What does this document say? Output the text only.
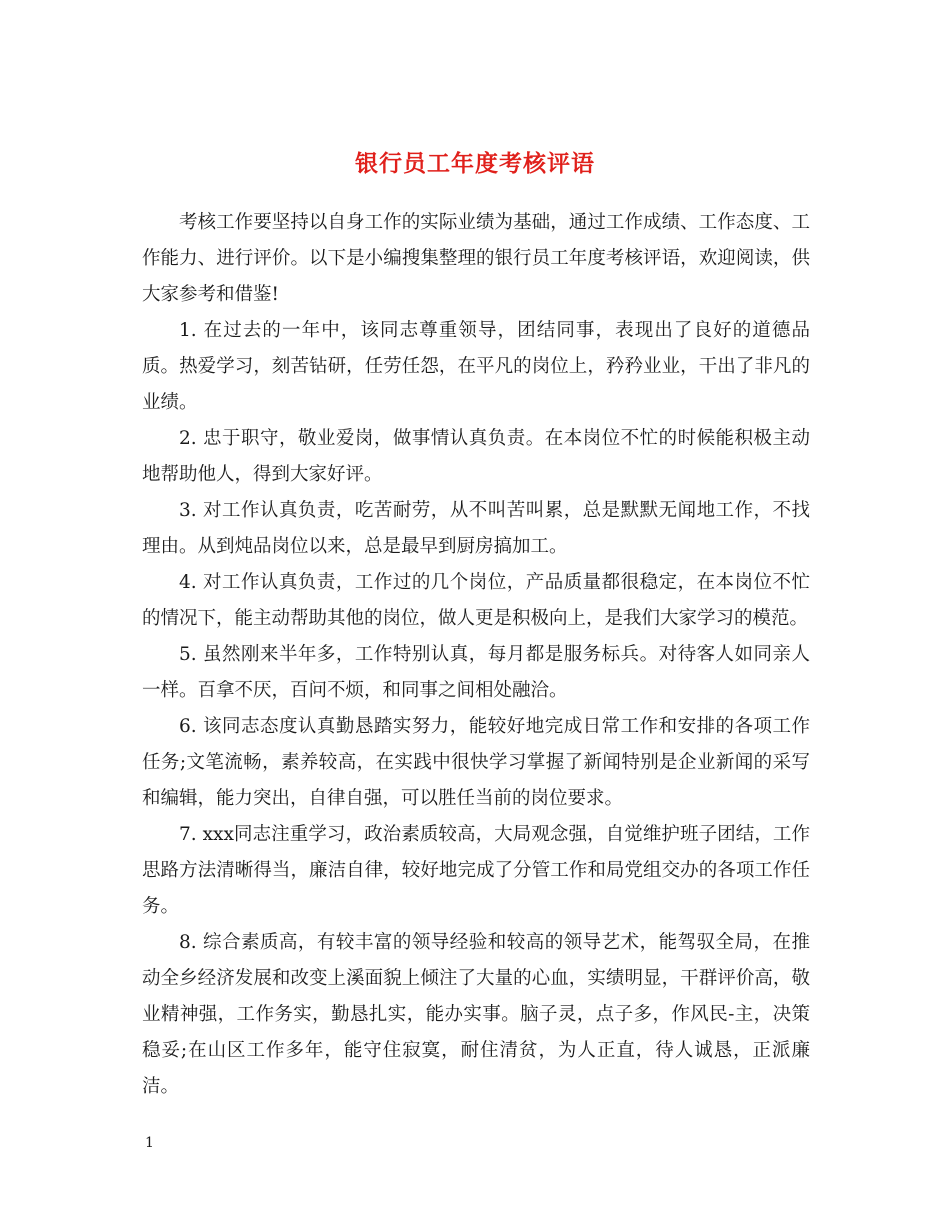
银行员工年度考核评语

考核工作要坚持以自身工作的实际业绩为基础，通过工作成绩、工作态度、工作能力、进行评价。以下是小编搜集整理的银行员工年度考核评语，欢迎阅读，供大家参考和借鉴!

1. 在过去的一年中，该同志尊重领导，团结同事，表现出了良好的道德品质。热爱学习，刻苦钻研，任劳任怨，在平凡的岗位上，矜矜业业，干出了非凡的业绩。

2. 忠于职守，敬业爱岗，做事情认真负责。在本岗位不忙的时候能积极主动地帮助他人，得到大家好评。

3. 对工作认真负责，吃苦耐劳，从不叫苦叫累，总是默默无闻地工作，不找理由。从到炖品岗位以来，总是最早到厨房搞加工。

4. 对工作认真负责，工作过的几个岗位，产品质量都很稳定，在本岗位不忙的情况下，能主动帮助其他的岗位，做人更是积极向上，是我们大家学习的模范。

5. 虽然刚来半年多，工作特别认真，每月都是服务标兵。对待客人如同亲人一样。百拿不厌，百问不烦，和同事之间相处融洽。

6. 该同志态度认真勤恳踏实努力，能较好地完成日常工作和安排的各项工作任务;文笔流畅，素养较高，在实践中很快学习掌握了新闻特别是企业新闻的采写和编辑，能力突出，自律自强，可以胜任当前的岗位要求。

7. xxx同志注重学习，政治素质较高，大局观念强，自觉维护班子团结，工作思路方法清晰得当，廉洁自律，较好地完成了分管工作和局党组交办的各项工作任务。

8. 综合素质高，有较丰富的领导经验和较高的领导艺术，能驾驭全局，在推动全乡经济发展和改变上溪面貌上倾注了大量的心血，实绩明显，干群评价高，敬业精神强，工作务实，勤恳扎实，能办实事。脑子灵，点子多，作风民-主，决策稳妥;在山区工作多年，能守住寂寞，耐住清贫，为人正直，待人诚恳，正派廉洁。

1
